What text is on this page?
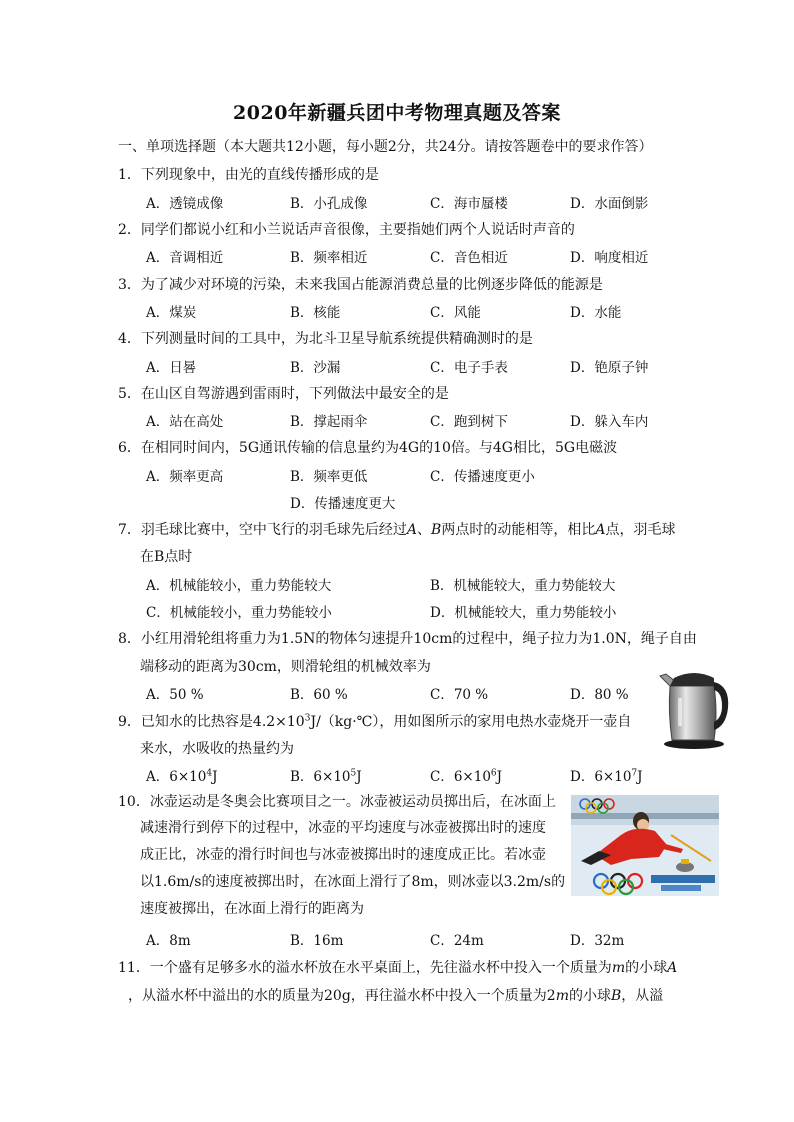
2020年新疆兵团中考物理真题及答案
一、单项选择题（本大题共12小题，每小题2分，共24分。请按答题卷中的要求作答）
1．下列现象中，由光的直线传播形成的是
A．透镜成像	B．小孔成像	C．海市蜃楼	D．水面倒影
2．同学们都说小红和小兰说话声音很像，主要指她们两个人说话时声音的
A．音调相近	B．频率相近	C．音色相近	D．响度相近
3．为了减少对环境的污染，未来我国占能源消费总量的比例逐步降低的能源是
A．煤炭	B．核能	C．风能	D．水能
4．下列测量时间的工具中，为北斗卫星导航系统提供精确测时的是
A．日晷	B．沙漏	C．电子手表	D．铯原子钟
5．在山区自驾游遇到雷雨时，下列做法中最安全的是
A．站在高处	B．撑起雨伞	C．跑到树下	D．躲入车内
6．在相同时间内，5G通讯传输的信息量约为4G的10倍。与4G相比，5G电磁波
A．频率更高	B．频率更低	C．传播速度更小
D．传播速度更大
7．羽毛球比赛中，空中飞行的羽毛球先后经过A、B两点时的动能相等，相比A点，羽毛球
在B点时
A．机械能较小，重力势能较大	B．机械能较大，重力势能较大
C．机械能较小，重力势能较小	D．机械能较大，重力势能较小
8．小红用滑轮组将重力为1.5N的物体匀速提升10cm的过程中，绳子拉力为1.0N，绳子自由
端移动的距离为30cm，则滑轮组的机械效率为
A．50 %	B．60 %	C．70 %	D．80 %
9．已知水的比热容是$4.2\times 10^3J/(kg\cdot℃)$，用如图所示的家用电热水壶烧开一壶自
来水，水吸收的热量约为
A．$6\times 10^4J$	B．$6\times 10^5J$	C．$6\times 10^6J$	D．$6\times 10^7J$
10．冰壶运动是冬奥会比赛项目之一。冰壶被运动员掷出后，在冰面上
减速滑行到停下的过程中，冰壶的平均速度与冰壶被掷出时的速度
成正比，冰壶的滑行时间也与冰壶被掷出时的速度成正比。若冰壶
以1.6m/s的速度被掷出时，在冰面上滑行了8m，则冰壶以3.2m/s的
速度被掷出，在冰面上滑行的距离为
A．8m	B．16m	C．24m	D．32m
11．一个盛有足够多水的溢水杯放在水平桌面上，先往溢水杯中投入一个质量为m的小球A
，从溢水杯中溢出的水的质量为20g，再往溢水杯中投入一个质量为2m的小球B，从溢
